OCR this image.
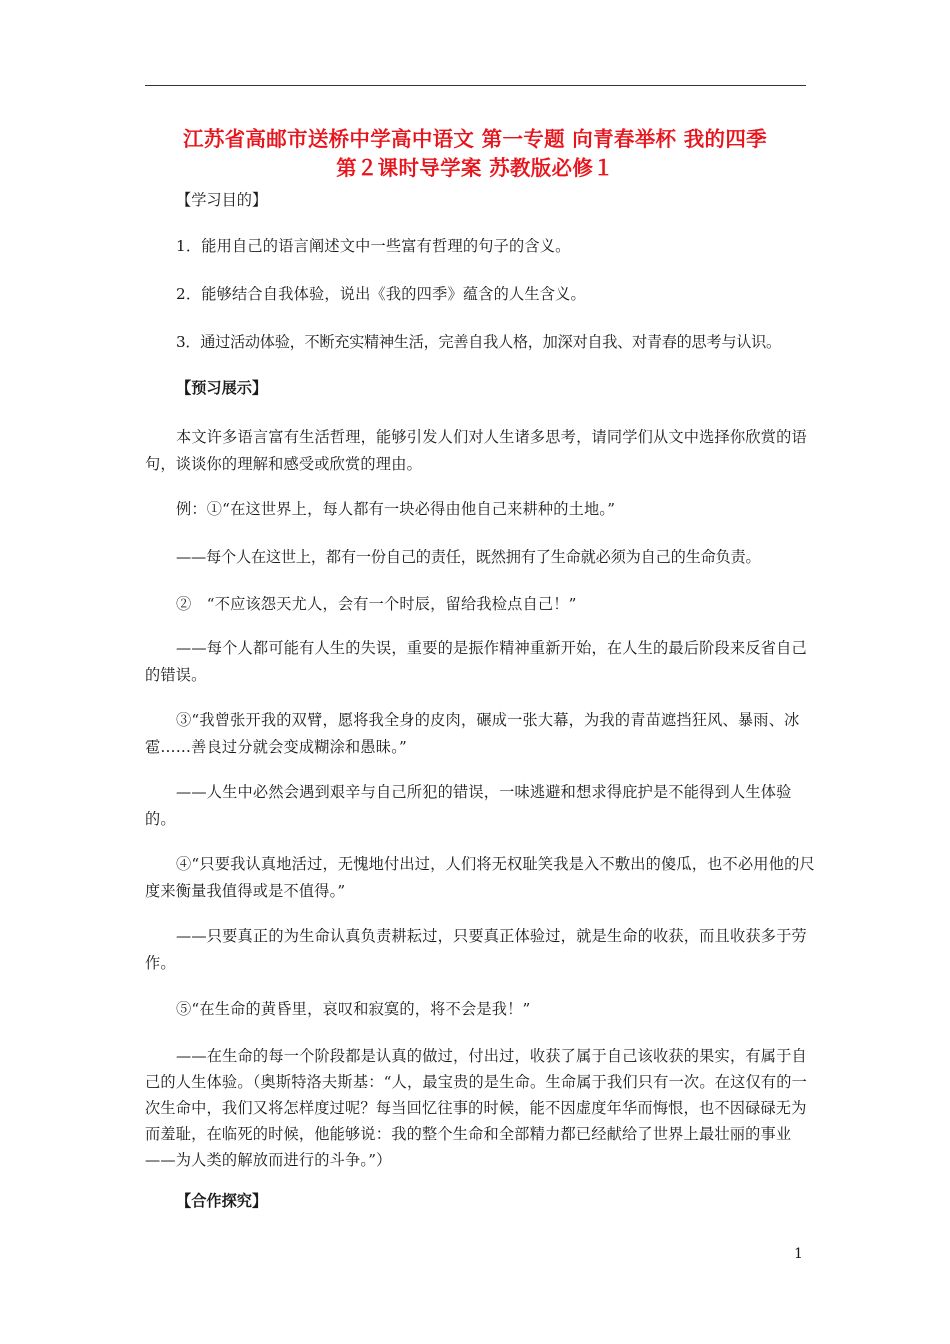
江苏省高邮市送桥中学高中语文 第一专题 向青春举杯 我的四季
第２课时导学案 苏教版必修１

【学习目的】

1．能用自己的语言阐述文中一些富有哲理的句子的含义。

2．能够结合自我体验，说出《我的四季》蕴含的人生含义。

3．通过活动体验，不断充实精神生活，完善自我人格，加深对自我、对青春的思考与认识。

【预习展示】

本文许多语言富有生活哲理，能够引发人们对人生诸多思考，请同学们从文中选择你欣赏的语句，谈谈你的理解和感受或欣赏的理由。

例：①“在这世界上，每人都有一块必得由他自己来耕种的土地。”

——每个人在这世上，都有一份自己的责任，既然拥有了生命就必须为自己的生命负责。

②　“不应该怨天尤人，会有一个时辰，留给我检点自己！”

——每个人都可能有人生的失误，重要的是振作精神重新开始，在人生的最后阶段来反省自己的错误。

③“我曾张开我的双臂，愿将我全身的皮肉，碾成一张大幕，为我的青苗遮挡狂风、暴雨、冰雹……善良过分就会变成糊涂和愚昧。”

——人生中必然会遇到艰辛与自己所犯的错误，一味逃避和想求得庇护是不能得到人生体验的。

④“只要我认真地活过，无愧地付出过，人们将无权耻笑我是入不敷出的傻瓜，也不必用他的尺度来衡量我值得或是不值得。”

——只要真正的为生命认真负责耕耘过，只要真正体验过，就是生命的收获，而且收获多于劳作。

⑤“在生命的黄昏里，哀叹和寂寞的，将不会是我！”

——在生命的每一个阶段都是认真的做过，付出过，收获了属于自己该收获的果实，有属于自己的人生体验。（奥斯特洛夫斯基：“人，最宝贵的是生命。生命属于我们只有一次。在这仅有的一次生命中，我们又将怎样度过呢？每当回忆往事的时候，能不因虚度年华而悔恨，也不因碌碌无为而羞耻，在临死的时候，他能够说：我的整个生命和全部精力都已经献给了世界上最壮丽的事业——为人类的解放而进行的斗争。”）

【合作探究】

1
